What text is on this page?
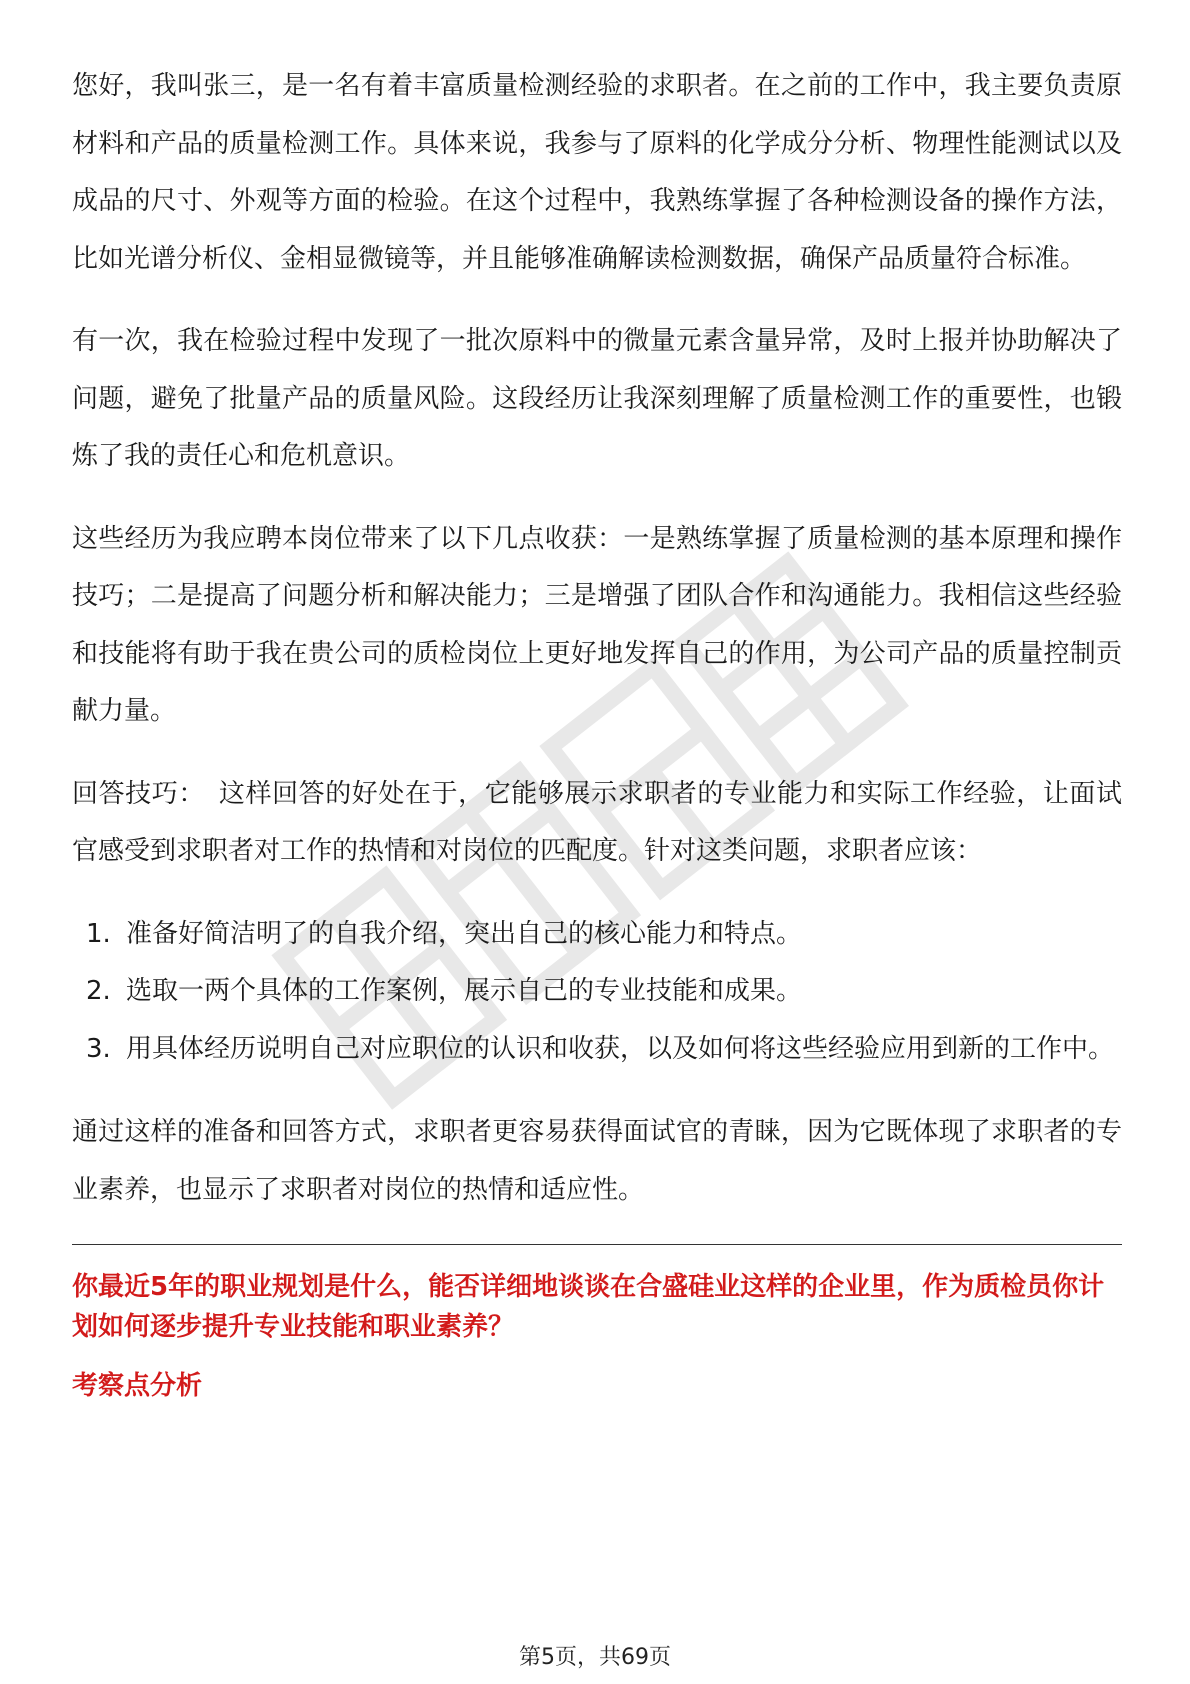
您好，我叫张三，是一名有着丰富质量检测经验的求职者。在之前的工作中，我主要负责原材料和产品的质量检测工作。具体来说，我参与了原料的化学成分分析、物理性能测试以及成品的尺寸、外观等方面的检验。在这个过程中，我熟练掌握了各种检测设备的操作方法，比如光谱分析仪、金相显微镜等，并且能够准确解读检测数据，确保产品质量符合标准。

有一次，我在检验过程中发现了一批次原料中的微量元素含量异常，及时上报并协助解决了问题，避免了批量产品的质量风险。这段经历让我深刻理解了质量检测工作的重要性，也锻炼了我的责任心和危机意识。

这些经历为我应聘本岗位带来了以下几点收获：一是熟练掌握了质量检测的基本原理和操作技巧；二是提高了问题分析和解决能力；三是增强了团队合作和沟通能力。我相信这些经验和技能将有助于我在贵公司的质检岗位上更好地发挥自己的作用，为公司产品的质量控制贡献力量。

回答技巧： 这样回答的好处在于，它能够展示求职者的专业能力和实际工作经验，让面试官感受到求职者对工作的热情和对岗位的匹配度。针对这类问题，求职者应该：

1. 准备好简洁明了的自我介绍，突出自己的核心能力和特点。
2. 选取一两个具体的工作案例，展示自己的专业技能和成果。
3. 用具体经历说明自己对应职位的认识和收获，以及如何将这些经验应用到新的工作中。

通过这样的准备和回答方式，求职者更容易获得面试官的青睐，因为它既体现了求职者的专业素养，也显示了求职者对岗位的热情和适应性。

你最近5年的职业规划是什么，能否详细地谈谈在合盛硅业这样的企业里，作为质检员你计划如何逐步提升专业技能和职业素养？

考察点分析

第5页，共69页
